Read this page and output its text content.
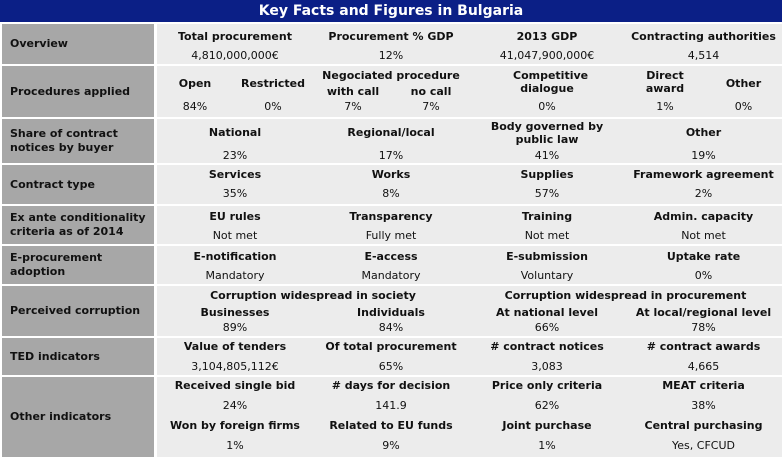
Key Facts and Figures in Bulgaria
Overview
Total procurement
4,810,000,000€
Procurement % GDP
12%
2013 GDP
41,047,900,000€
Contracting authorities
4,514
Procedures applied
Open
84%
Restricted
0%
Negociated procedure
with call
7%
no call
7%
Competitive dialogue
0%
Direct award
1%
Other
0%
Share of contract notices by buyer
National
23%
Regional/local
17%
Body governed by public law
41%
Other
19%
Contract type
Services
35%
Works
8%
Supplies
57%
Framework agreement
2%
Ex ante conditionality criteria as of 2014
EU rules
Not met
Transparency
Fully met
Training
Not met
Admin. capacity
Not met
E-procurement adoption
E-notification
Mandatory
E-access
Mandatory
E-submission
Voluntary
Uptake rate
0%
Perceived corruption
Corruption widespread in society	Corruption widespread in procurement
Businesses
89%
Individuals
84%
At national level
66%
At local/regional level
78%
TED indicators
Value of tenders
3,104,805,112€
Of total procurement
65%
# contract notices
3,083
# contract awards
4,665
Other indicators
Received single bid
24%
# days for decision
141.9
Price only criteria
62%
MEAT criteria
38%
Won by foreign firms
1%
Related to EU funds
9%
Joint purchase
1%
Central purchasing
Yes, CFCUD
